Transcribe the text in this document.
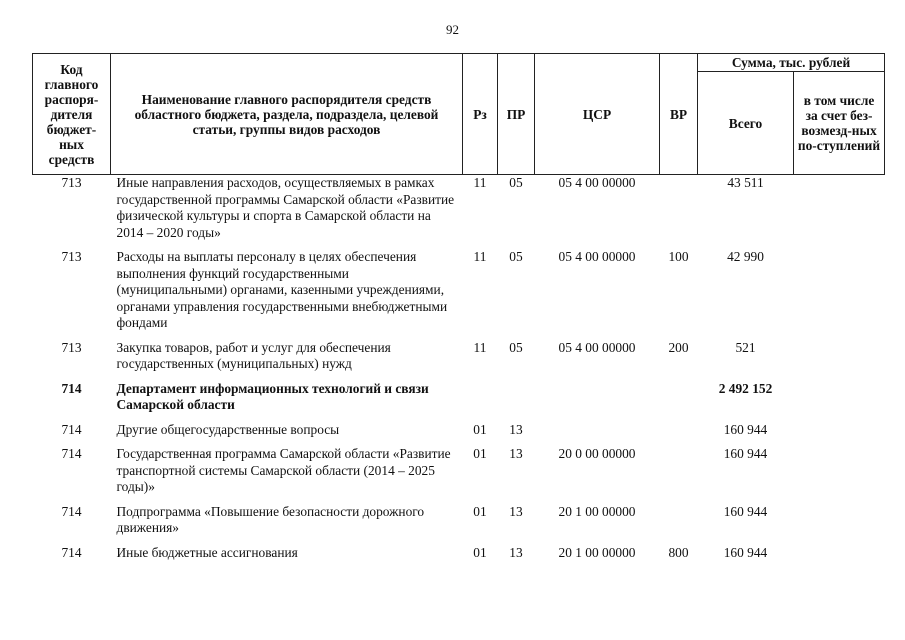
92
Код главного распоря-дителя бюджет-ных средств	Наименование главного распорядителя средств областного бюджета, раздела, подраздела, целевой статьи, группы видов расходов	Рз	ПР	ЦСР	ВР	Сумма, тыс. рублей	
						Всего	в том числе за счет без-возмезд-ных по-ступлений
713	Иные направления расходов, осуществляемых в рамках государственной программы Самарской области «Развитие физической культуры и спорта в Самарской области на 2014 – 2020 годы»	11	05	05 4 00 00000		43 511	
713	Расходы на выплаты персоналу в целях обеспечения выполнения функций государственными (муниципальными) органами, казенными учреждениями, органами управления государственными внебюджетными фондами	11	05	05 4 00 00000	100	42 990	
713	Закупка товаров, работ и услуг для обеспечения государственных (муниципальных) нужд	11	05	05 4 00 00000	200	521	
714	Департамент информационных технологий и связи Самарской области					2 492 152	
714	Другие общегосударственные вопросы	01	13			160 944	
714	Государственная программа Самарской области «Развитие транспортной системы Самарской области (2014 – 2025 годы)»	01	13	20 0 00 00000		160 944	
714	Подпрограмма «Повышение безопасности дорожного движения»	01	13	20 1 00 00000		160 944	
714	Иные бюджетные ассигнования	01	13	20 1 00 00000	800	160 944	
